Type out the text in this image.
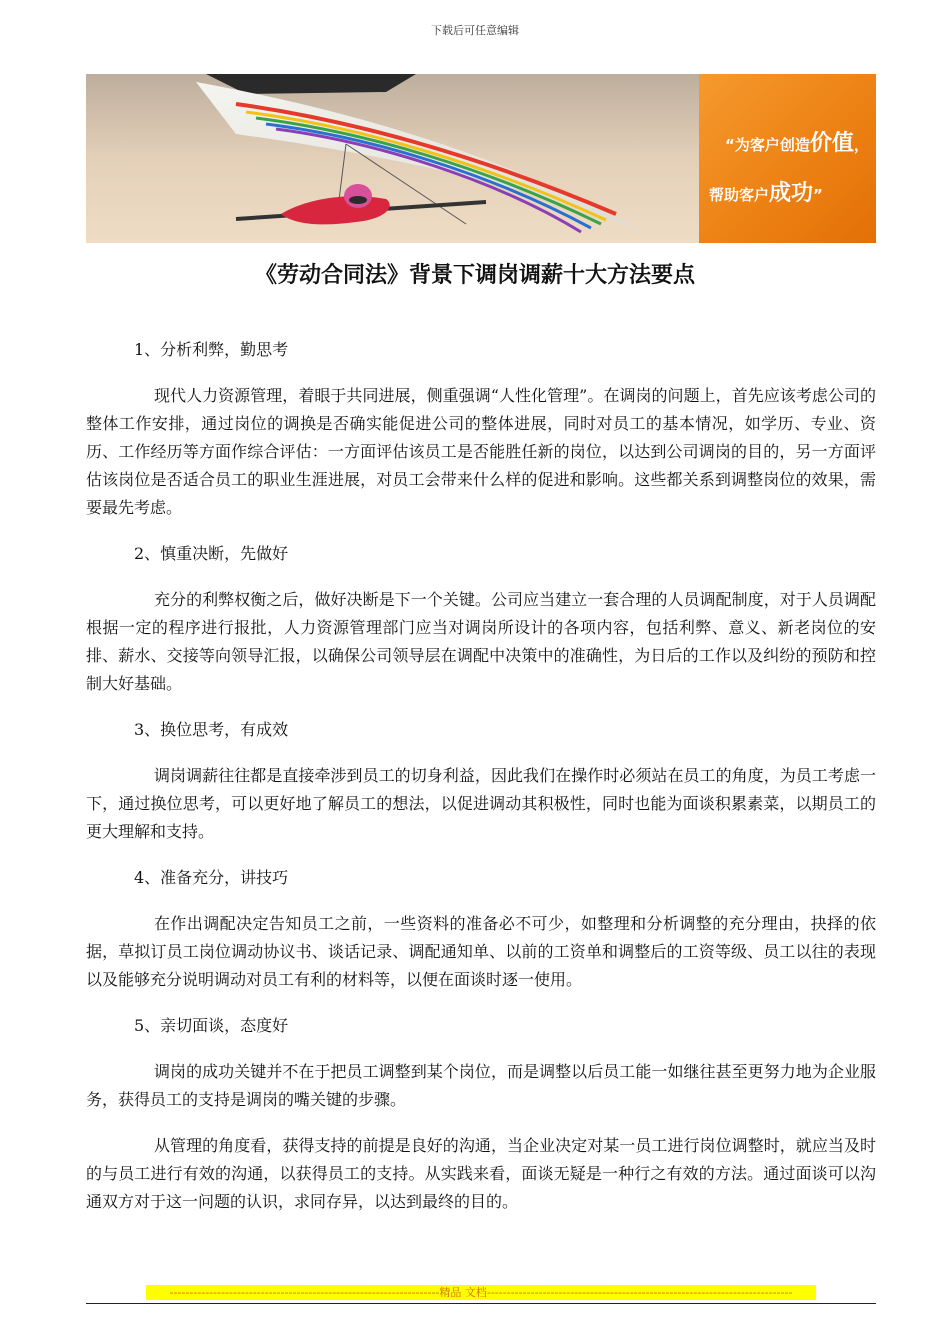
下载后可任意编辑
“为客户创造价值，
帮助客户成功”
《劳动合同法》背景下调岗调薪十大方法要点
1、分析利弊，勤思考
现代人力资源管理，着眼于共同进展，侧重强调“人性化管理”。在调岗的问题上，首先应该考虑公司的整体工作安排，通过岗位的调换是否确实能促进公司的整体进展，同时对员工的基本情况，如学历、专业、资历、工作经历等方面作综合评估：一方面评估该员工是否能胜任新的岗位，以达到公司调岗的目的，另一方面评估该岗位是否适合员工的职业生涯进展，对员工会带来什么样的促进和影响。这些都关系到调整岗位的效果，需要最先考虑。
2、慎重决断，先做好
充分的利弊权衡之后，做好决断是下一个关键。公司应当建立一套合理的人员调配制度，对于人员调配根据一定的程序进行报批，人力资源管理部门应当对调岗所设计的各项内容，包括利弊、意义、新老岗位的安排、薪水、交接等向领导汇报，以确保公司领导层在调配中决策中的准确性，为日后的工作以及纠纷的预防和控制大好基础。
3、换位思考，有成效
调岗调薪往往都是直接牵涉到员工的切身利益，因此我们在操作时必须站在员工的角度，为员工考虑一下，通过换位思考，可以更好地了解员工的想法，以促进调动其积极性，同时也能为面谈积累素菜，以期员工的更大理解和支持。
4、准备充分，讲技巧
在作出调配决定告知员工之前，一些资料的准备必不可少，如整理和分析调整的充分理由，抉择的依据，草拟订员工岗位调动协议书、谈话记录、调配通知单、以前的工资单和调整后的工资等级、员工以往的表现以及能够充分说明调动对员工有利的材料等，以便在面谈时逐一使用。
5、亲切面谈，态度好
调岗的成功关键并不在于把员工调整到某个岗位，而是调整以后员工能一如继往甚至更努力地为企业服务，获得员工的支持是调岗的嘴关键的步骤。
从管理的角度看，获得支持的前提是良好的沟通，当企业决定对某一员工进行岗位调整时，就应当及时的与员工进行有效的沟通，以获得员工的支持。从实践来看，面谈无疑是一种行之有效的方法。通过面谈可以沟通双方对于这一问题的认识，求同存异，以达到最终的目的。
--------------------------------------------------------------------精品 文档-----------------------------------------------------------------------------
